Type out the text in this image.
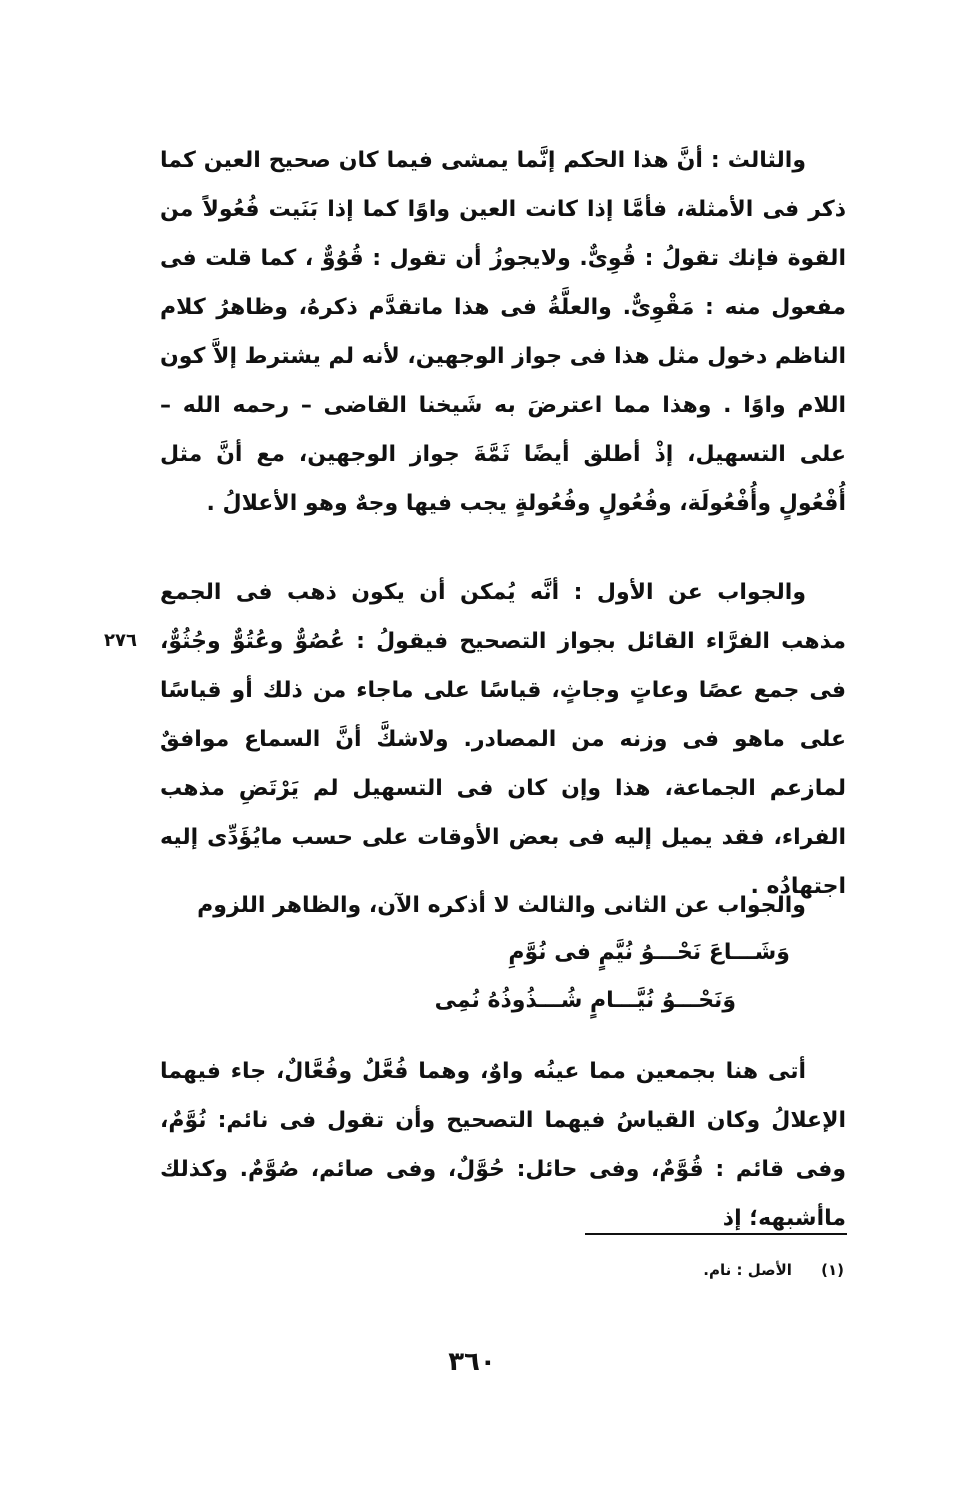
والثالث : أنَّ هذا الحكم إنَّما يمشى فيما كان صحيح العين كما ذكر فى الأمثلة، فأمَّا إذا كانت العين واوًا كما إذا بَنَيت فُعُولاً من القوة فإنك تقولُ : قُوِىٌّ. ولايجوزُ أن تقول : قُوُوٌّ ، كما قلت فى مفعول منه : مَقْوِىٌّ. والعلَّةُ فى هذا ماتقدَّم ذكرهُ، وظاهرُ كلام الناظم دخول مثل هذا فى جواز الوجهين، لأنه لم يشترط إلاَّ كون اللام واوًا . وهذا مما اعترضَ به شَيخنا القاضى – رحمه الله – على التسهيل، إذْ أطلق أيضًا ثَمَّةَ جواز الوجهين، مع أنَّ مثل أُفْعُولٍ وأُفْعُولَة، وفُعُولٍ وفُعُولةٍ يجب فيها وجهٌ وهو الأعلالُ .

٢٧٦

والجواب عن الأول : أنَّه يُمكن أن يكون ذهب فى الجمع مذهب الفرَّاء القائل بجواز التصحيح فيقولُ : عُصُوٌّ وعُتُوٌّ وجُثُوٌّ، فى جمع عصًا وعاتٍ وجاثٍ، قياسًا على ماجاء من ذلك أو قياسًا على ماهو فى وزنه من المصادر. ولاشكَّ أنَّ السماع موافقٌ لمازعم الجماعة، هذا وإن كان فى التسهيل لم يَرْتَضِ مذهب الفراء، فقد يميل إليه فى بعض الأوقات على حسب مايُؤَدِّى إليه اجتهادُه .

والجواب عن الثانى والثالث لا أذكره الآن، والظاهر اللزوم

وَشَـــاعَ نَحْـــوُ نُيَّمٍ فى نُوَّمِ
وَنَحْـــوُ نُيَّـــامٍ شُـــذُوذُهُ نُمِى

أتى هنا بجمعين مما عينُه واوٌ، وهما فُعَّلٌ وفُعَّالٌ، جاء فيهما الإعلالُ وكان القياسُ فيهما التصحيح وأن تقول فى نائم: نُوَّمٌ، وفى قائم : قُوَّمٌ، وفى حائل: حُوَّلٌ، وفى صائم، صُوَّمٌ. وكذلك ماأشبهه؛ إذ

(١) الأصل : نام.
٣٦٠
